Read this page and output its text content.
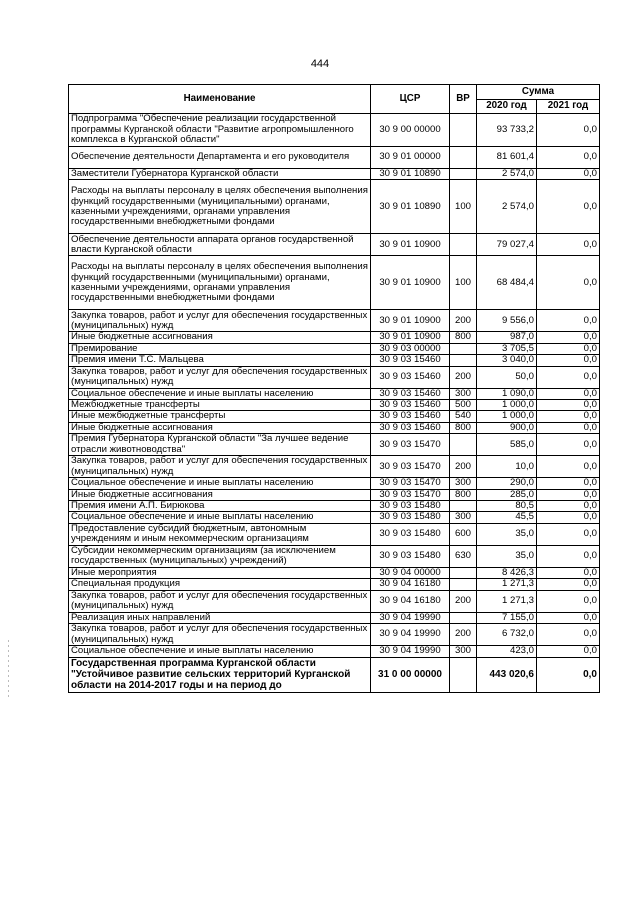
444
Наименование	ЦСР	ВР	Сумма	
			2020 год	2021 год
Подпрограмма "Обеспечение реализации государственной программы Курганской области "Развитие агропромышленного комплекса в Курганской области"	30 9 00 00000		93 733,2	0,0
Обеспечение деятельности Департамента и его руководителя	30 9 01 00000		81 601,4	0,0
Заместители Губернатора Курганской области	30 9 01 10890		2 574,0	0,0
Расходы на выплаты персоналу в целях обеспечения выполнения функций государственными (муниципальными) органами, казенными учреждениями, органами управления государственными внебюджетными фондами	30 9 01 10890	100	2 574,0	0,0
Обеспечение деятельности аппарата органов государственной власти Курганской области	30 9 01 10900		79 027,4	0,0
Расходы на выплаты персоналу в целях обеспечения выполнения функций государственными (муниципальными) органами, казенными учреждениями, органами управления государственными внебюджетными фондами	30 9 01 10900	100	68 484,4	0,0
Закупка товаров, работ и услуг для обеспечения государственных (муниципальных) нужд	30 9 01 10900	200	9 556,0	0,0
Иные бюджетные ассигнования	30 9 01 10900	800	987,0	0,0
Премирование	30 9 03 00000		3 705,5	0,0
Премия имени Т.С. Мальцева	30 9 03 15460		3 040,0	0,0
Закупка товаров, работ и услуг для обеспечения государственных (муниципальных) нужд	30 9 03 15460	200	50,0	0,0
Социальное обеспечение и иные выплаты населению	30 9 03 15460	300	1 090,0	0,0
Межбюджетные трансферты	30 9 03 15460	500	1 000,0	0,0
Иные межбюджетные трансферты	30 9 03 15460	540	1 000,0	0,0
Иные бюджетные ассигнования	30 9 03 15460	800	900,0	0,0
Премия Губернатора Курганской области "За лучшее ведение отрасли животноводства"	30 9 03 15470		585,0	0,0
Закупка товаров, работ и услуг для обеспечения государственных (муниципальных) нужд	30 9 03 15470	200	10,0	0,0
Социальное обеспечение и иные выплаты населению	30 9 03 15470	300	290,0	0,0
Иные бюджетные ассигнования	30 9 03 15470	800	285,0	0,0
Премия имени А.П. Бирюкова	30 9 03 15480		80,5	0,0
Социальное обеспечение и иные выплаты населению	30 9 03 15480	300	45,5	0,0
Предоставление субсидий бюджетным, автономным учреждениям и иным некоммерческим организациям	30 9 03 15480	600	35,0	0,0
Субсидии некоммерческим организациям (за исключением государственных (муниципальных) учреждений)	30 9 03 15480	630	35,0	0,0
Иные мероприятия	30 9 04 00000		8 426,3	0,0
Специальная продукция	30 9 04 16180		1 271,3	0,0
Закупка товаров, работ и услуг для обеспечения государственных (муниципальных) нужд	30 9 04 16180	200	1 271,3	0,0
Реализация иных направлений	30 9 04 19990		7 155,0	0,0
Закупка товаров, работ и услуг для обеспечения государственных (муниципальных) нужд	30 9 04 19990	200	6 732,0	0,0
Социальное обеспечение и иные выплаты населению	30 9 04 19990	300	423,0	0,0
Государственная программа Курганской области "Устойчивое развитие сельских территорий Курганской области на 2014-2017 годы и на период до	31 0 00 00000		443 020,6	0,0
